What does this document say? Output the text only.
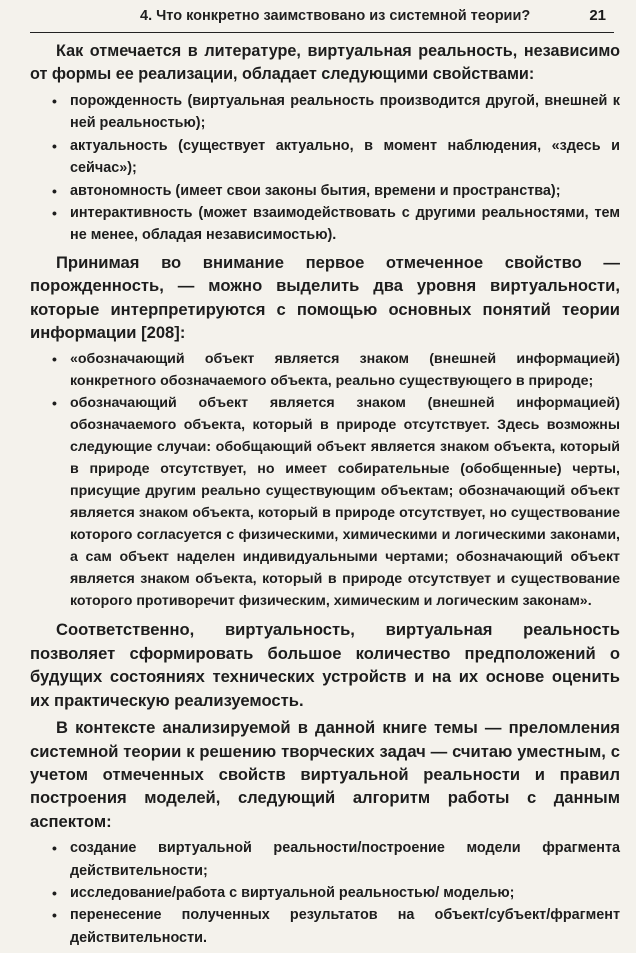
4. Что конкретно заимствовано из системной теории?	21

Как отмечается в литературе, виртуальная реальность, независимо от формы ее реализации, обладает следующими свойствами:

• порожденность (виртуальная реальность производится другой, внешней к ней реальностью);
• актуальность (существует актуально, в момент наблюдения, «здесь и сейчас»);
• автономность (имеет свои законы бытия, времени и пространства);
• интерактивность (может взаимодействовать с другими реальностями, тем не менее, обладая независимостью).

Принимая во внимание первое отмеченное свойство — порожденность, — можно выделить два уровня виртуальности, которые интерпретируются с помощью основных понятий теории информации [208]:

• «обозначающий объект является знаком (внешней информацией) конкретного обозначаемого объекта, реально существующего в природе;
• обозначающий объект является знаком (внешней информацией) обозначаемого объекта, который в природе отсутствует. Здесь возможны следующие случаи: обобщающий объект является знаком объекта, который в природе отсутствует, но имеет собирательные (обобщенные) черты, присущие другим реально существующим объектам; обозначающий объект является знаком объекта, который в природе отсутствует, но существование которого согласуется с физическими, химическими и логическими законами, а сам объект наделен индивидуальными чертами; обозначающий объект является знаком объекта, который в природе отсутствует и существование которого противоречит физическим, химическим и логическим законам».

Соответственно, виртуальность, виртуальная реальность позволяет сформировать большое количество предположений о будущих состояниях технических устройств и на их основе оценить их практическую реализуемость.

В контексте анализируемой в данной книге темы — преломления системной теории к решению творческих задач — считаю уместным, с учетом отмеченных свойств виртуальной реальности и правил построения моделей, следующий алгоритм работы с данным аспектом:

• создание виртуальной реальности/построение модели фрагмента действительности;
• исследование/работа с виртуальной реальностью/ моделью;
• перенесение полученных результатов на объект/субъект/фрагмент действительности.
